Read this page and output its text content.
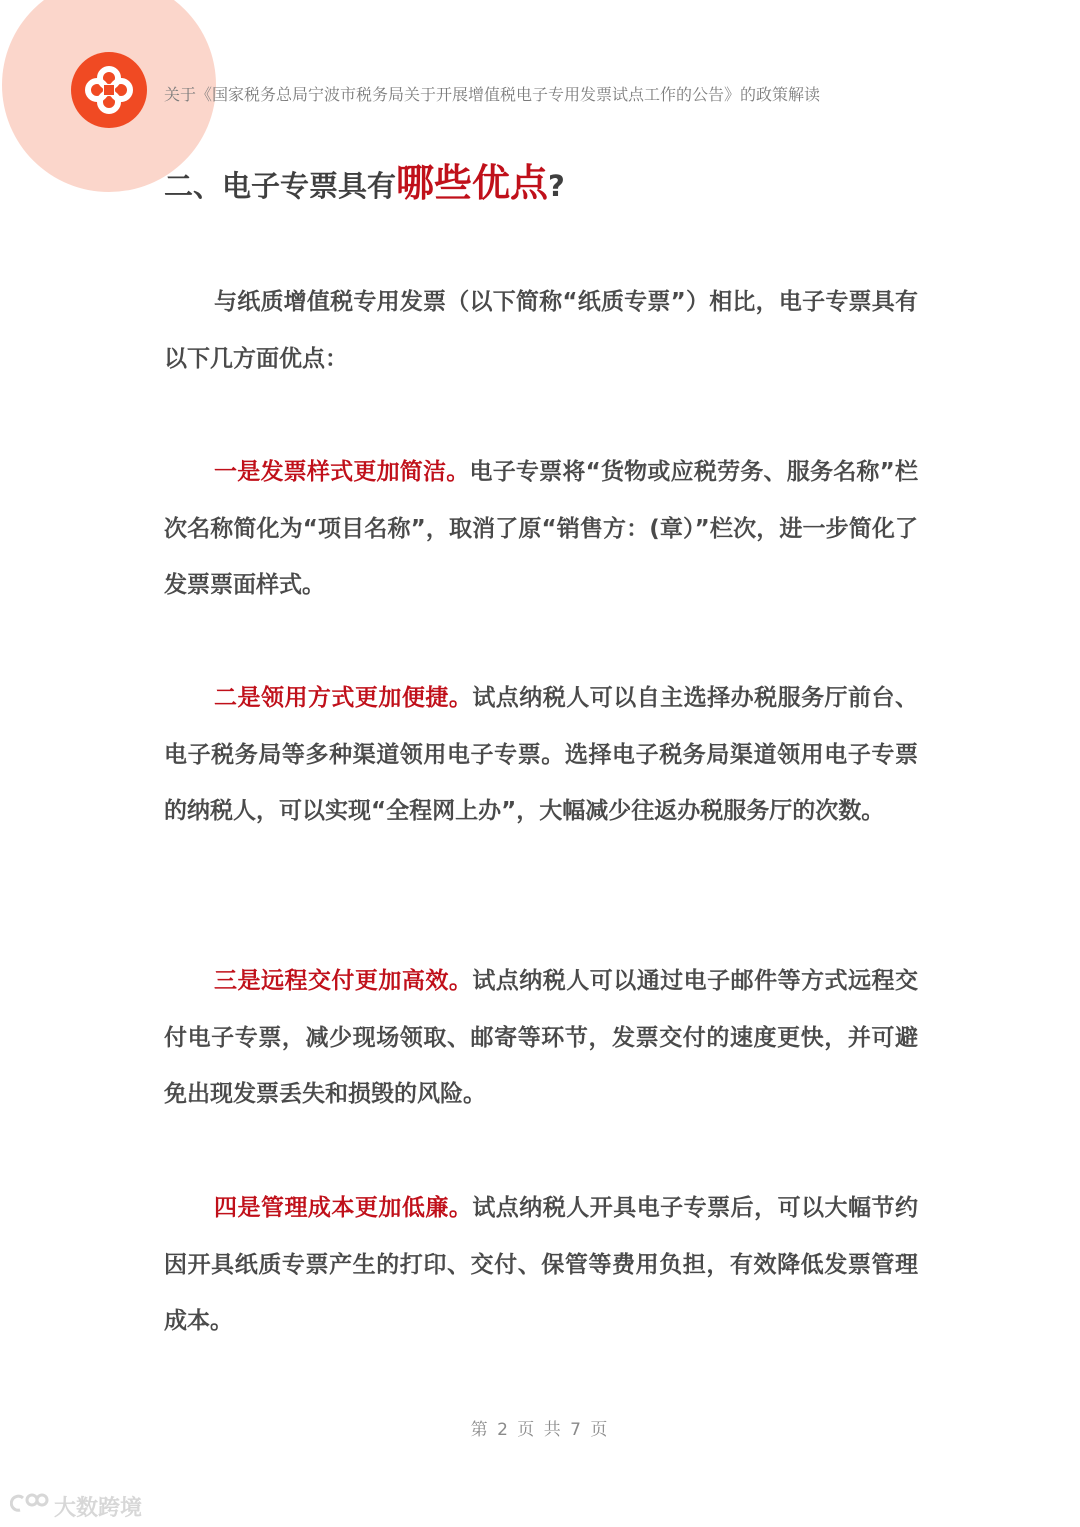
关于《国家税务总局宁波市税务局关于开展增值税电子专用发票试点工作的公告》的政策解读
二、电子专票具有哪些优点?

与纸质增值税专用发票（以下简称“纸质专票”）相比，电子专票具有以下几方面优点：

一是发票样式更加简洁。电子专票将“货物或应税劳务、服务名称”栏次名称简化为“项目名称”，取消了原“销售方：(章）”栏次，进一步简化了发票票面样式。

二是领用方式更加便捷。试点纳税人可以自主选择办税服务厅前台、电子税务局等多种渠道领用电子专票。选择电子税务局渠道领用电子专票的纳税人，可以实现“全程网上办”，大幅减少往返办税服务厅的次数。

三是远程交付更加高效。试点纳税人可以通过电子邮件等方式远程交付电子专票，减少现场领取、邮寄等环节，发票交付的速度更快，并可避免出现发票丢失和损毁的风险。

四是管理成本更加低廉。试点纳税人开具电子专票后，可以大幅节约因开具纸质专票产生的打印、交付、保管等费用负担，有效降低发票管理成本。

第 2 页 共 7 页
大数跨境
